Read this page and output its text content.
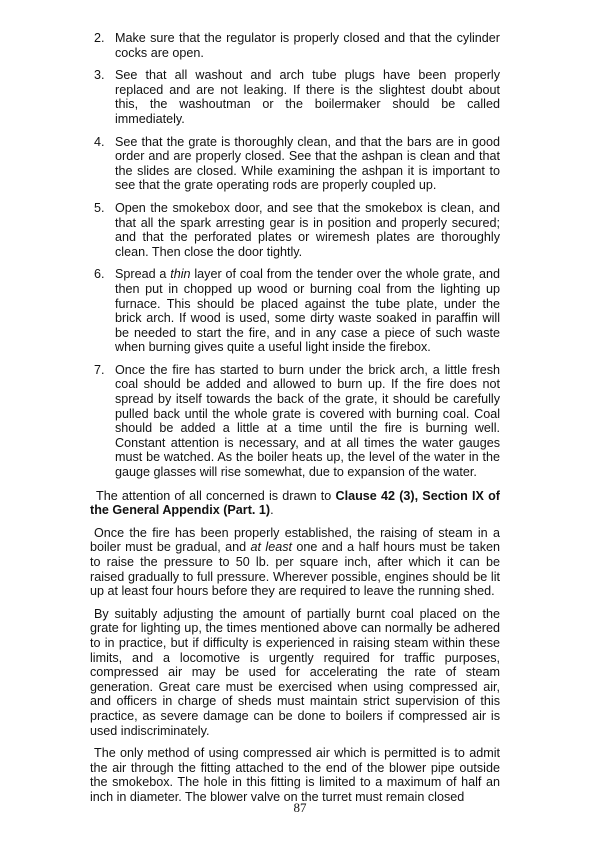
2. Make sure that the regulator is properly closed and that the cylinder cocks are open.
3. See that all washout and arch tube plugs have been properly replaced and are not leaking. If there is the slightest doubt about this, the washoutman or the boilermaker should be called immediately.
4. See that the grate is thoroughly clean, and that the bars are in good order and are properly closed. See that the ashpan is clean and that the slides are closed. While examining the ashpan it is important to see that the grate operating rods are properly coupled up.
5. Open the smokebox door, and see that the smokebox is clean, and that all the spark arresting gear is in position and properly secured; and that the perforated plates or wiremesh plates are thoroughly clean. Then close the door tightly.
6. Spread a thin layer of coal from the tender over the whole grate, and then put in chopped up wood or burning coal from the lighting up furnace. This should be placed against the tube plate, under the brick arch. If wood is used, some dirty waste soaked in paraffin will be needed to start the fire, and in any case a piece of such waste when burning gives quite a useful light inside the firebox.
7. Once the fire has started to burn under the brick arch, a little fresh coal should be added and allowed to burn up. If the fire does not spread by itself towards the back of the grate, it should be carefully pulled back until the whole grate is covered with burning coal. Coal should be added a little at a time until the fire is burning well. Constant attention is necessary, and at all times the water gauges must be watched. As the boiler heats up, the level of the water in the gauge glasses will rise somewhat, due to expansion of the water.

The attention of all concerned is drawn to Clause 42 (3), Section IX of the General Appendix (Part. 1).

Once the fire has been properly established, the raising of steam in a boiler must be gradual, and at least one and a half hours must be taken to raise the pressure to 50 lb. per square inch, after which it can be raised gradually to full pressure. Wherever possible, engines should be lit up at least four hours before they are required to leave the running shed.

By suitably adjusting the amount of partially burnt coal placed on the grate for lighting up, the times mentioned above can normally be adhered to in practice, but if difficulty is experienced in raising steam within these limits, and a locomotive is urgently required for traffic purposes, compressed air may be used for accelerating the rate of steam generation. Great care must be exercised when using compressed air, and officers in charge of sheds must maintain strict supervision of this practice, as severe damage can be done to boilers if compressed air is used indiscriminately.

The only method of using compressed air which is permitted is to admit the air through the fitting attached to the end of the blower pipe outside the smokebox. The hole in this fitting is limited to a maximum of half an inch in diameter. The blower valve on the turret must remain closed

87
